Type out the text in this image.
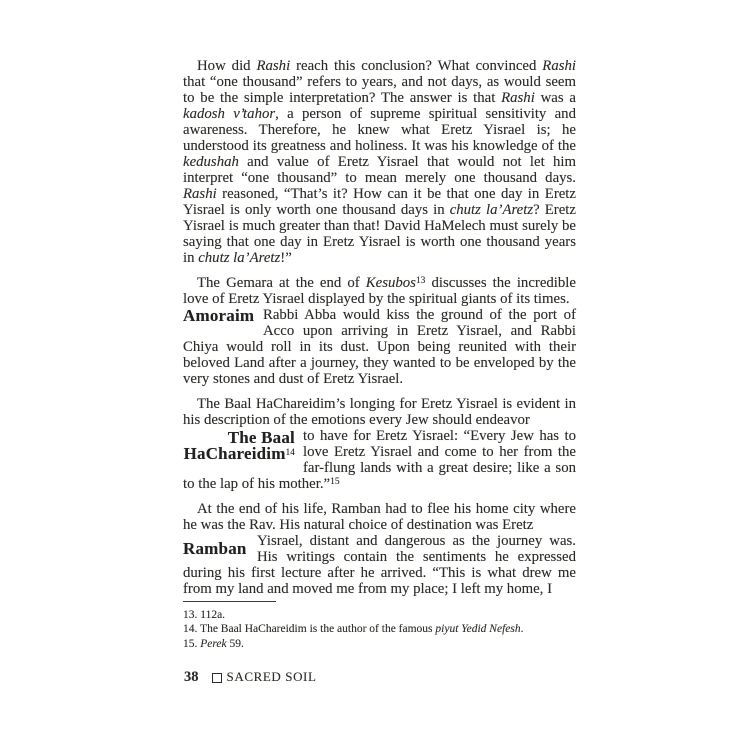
How did Rashi reach this conclusion? What convinced Rashi that “one thousand” refers to years, and not days, as would seem to be the simple interpretation? The answer is that Rashi was a kadosh v’tahor, a person of supreme spiritual sensitivity and awareness. Therefore, he knew what Eretz Yisrael is; he understood its greatness and holiness. It was his knowledge of the kedushah and value of Eretz Yisrael that would not let him interpret “one thousand” to mean merely one thousand days. Rashi reasoned, “That’s it? How can it be that one day in Eretz Yisrael is only worth one thousand days in chutz la’Aretz? Eretz Yisrael is much greater than that! David HaMelech must surely be saying that one day in Eretz Yisrael is worth one thousand years in chutz la’Aretz!”

The Gemara at the end of Kesubos$^{13}$ discusses the incredible love of Eretz Yisrael displayed by the spiritual giants of its times.

Amoraim Rabbi Abba would kiss the ground of the port of Acco upon arriving in Eretz Yisrael, and Rabbi Chiya would roll in its dust. Upon being reunited with their beloved Land after a journey, they wanted to be enveloped by the very stones and dust of Eretz Yisrael.

The Baal HaChareidim’s longing for Eretz Yisrael is evident in his description of the emotions every Jew should endeavor

The Baal
HaChareidim$^{14}$
to have for Eretz Yisrael: “Every Jew has to love Eretz Yisrael and come to her from the far-flung lands with a great desire; like a son to the lap of his mother.”$^{15}$

At the end of his life, Ramban had to flee his home city where he was the Rav. His natural choice of destination was Eretz

Ramban Yisrael, distant and dangerous as the journey was. His writings contain the sentiments he expressed during his first lecture after he arrived. “This is what drew me from my land and moved me from my place; I left my home, I

13. 112a.

14. The Baal HaChareidim is the author of the famous piyut Yedid Nefesh.

15. Perek 59.

38 SACRED SOIL
